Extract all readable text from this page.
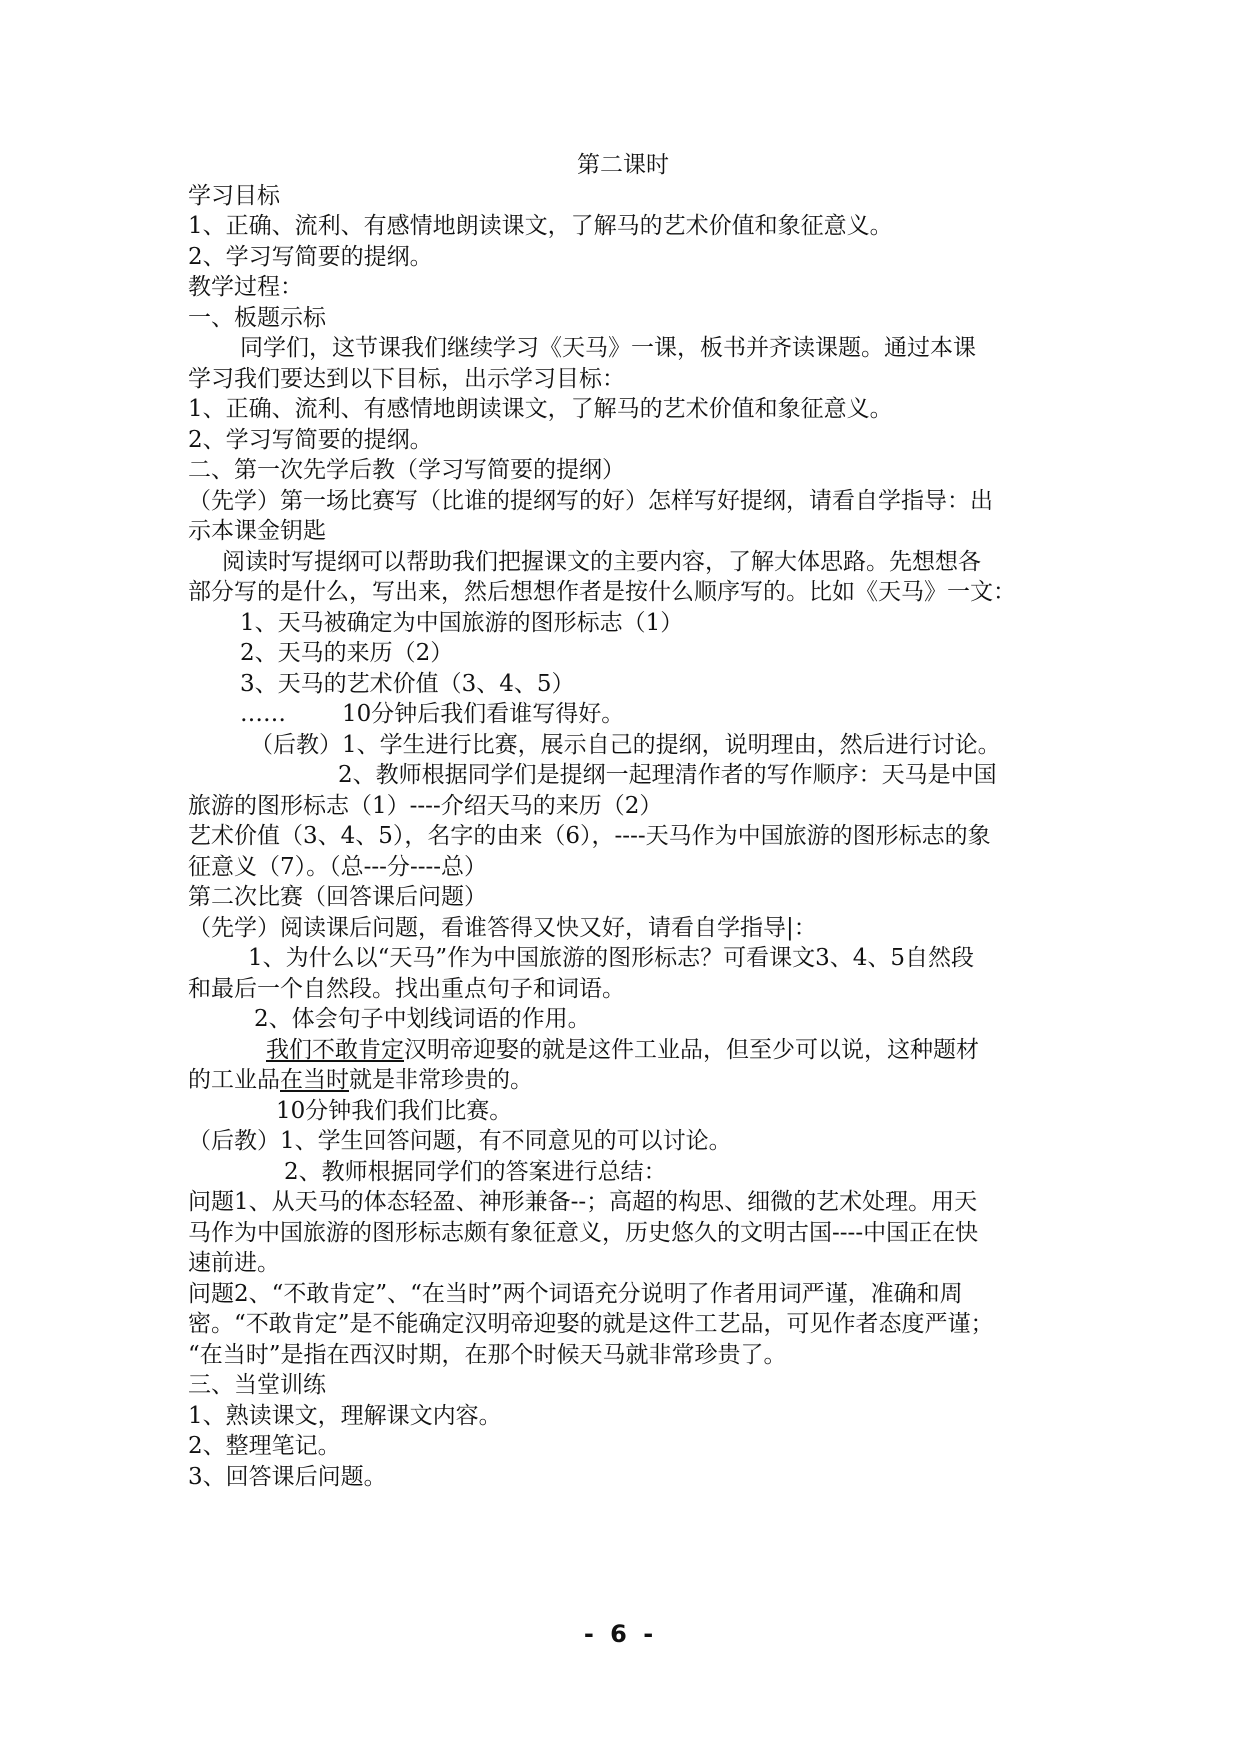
第二课时

学习目标

1、正确、流利、有感情地朗读课文，了解马的艺术价值和象征意义。

2、学习写简要的提纲。

教学过程：

一、板题示标

同学们，这节课我们继续学习《天马》一课，板书并齐读课题。通过本课

学习我们要达到以下目标，出示学习目标：

1、正确、流利、有感情地朗读课文，了解马的艺术价值和象征意义。

2、学习写简要的提纲。

二、第一次先学后教（学习写简要的提纲）

（先学）第一场比赛写（比谁的提纲写的好）怎样写好提纲，请看自学指导：出

示本课金钥匙

阅读时写提纲可以帮助我们把握课文的主要内容，了解大体思路。先想想各

部分写的是什么，写出来，然后想想作者是按什么顺序写的。比如《天马》一文：

1、天马被确定为中国旅游的图形标志（1）

2、天马的来历（2）

3、天马的艺术价值（3、4、5）

…… 10分钟后我们看谁写得好。

（后教）1、学生进行比赛，展示自己的提纲，说明理由，然后进行讨论。

2、教师根据同学们是提纲一起理清作者的写作顺序：天马是中国

旅游的图形标志（1）----介绍天马的来历（2）

艺术价值（3、4、5），名字的由来（6），----天马作为中国旅游的图形标志的象

征意义（7）。（总---分----总）

第二次比赛（回答课后问题）

（先学）阅读课后问题，看谁答得又快又好，请看自学指导|：

1、为什么以“天马”作为中国旅游的图形标志？可看课文3、4、5自然段

和最后一个自然段。找出重点句子和词语。

2、体会句子中划线词语的作用。

我们不敢肯定汉明帝迎娶的就是这件工业品，但至少可以说，这种题材

的工业品在当时就是非常珍贵的。

10分钟我们我们比赛。

（后教）1、学生回答问题，有不同意见的可以讨论。

2、教师根据同学们的答案进行总结：

问题1、从天马的体态轻盈、神形兼备--；高超的构思、细微的艺术处理。用天

马作为中国旅游的图形标志颇有象征意义，历史悠久的文明古国----中国正在快

速前进。

问题2、“不敢肯定”、“在当时”两个词语充分说明了作者用词严谨，准确和周

密。“不敢肯定”是不能确定汉明帝迎娶的就是这件工艺品，可见作者态度严谨；

“在当时”是指在西汉时期，在那个时候天马就非常珍贵了。

三、当堂训练

1、熟读课文，理解课文内容。

2、整理笔记。

3、回答课后问题。

- 6 -
